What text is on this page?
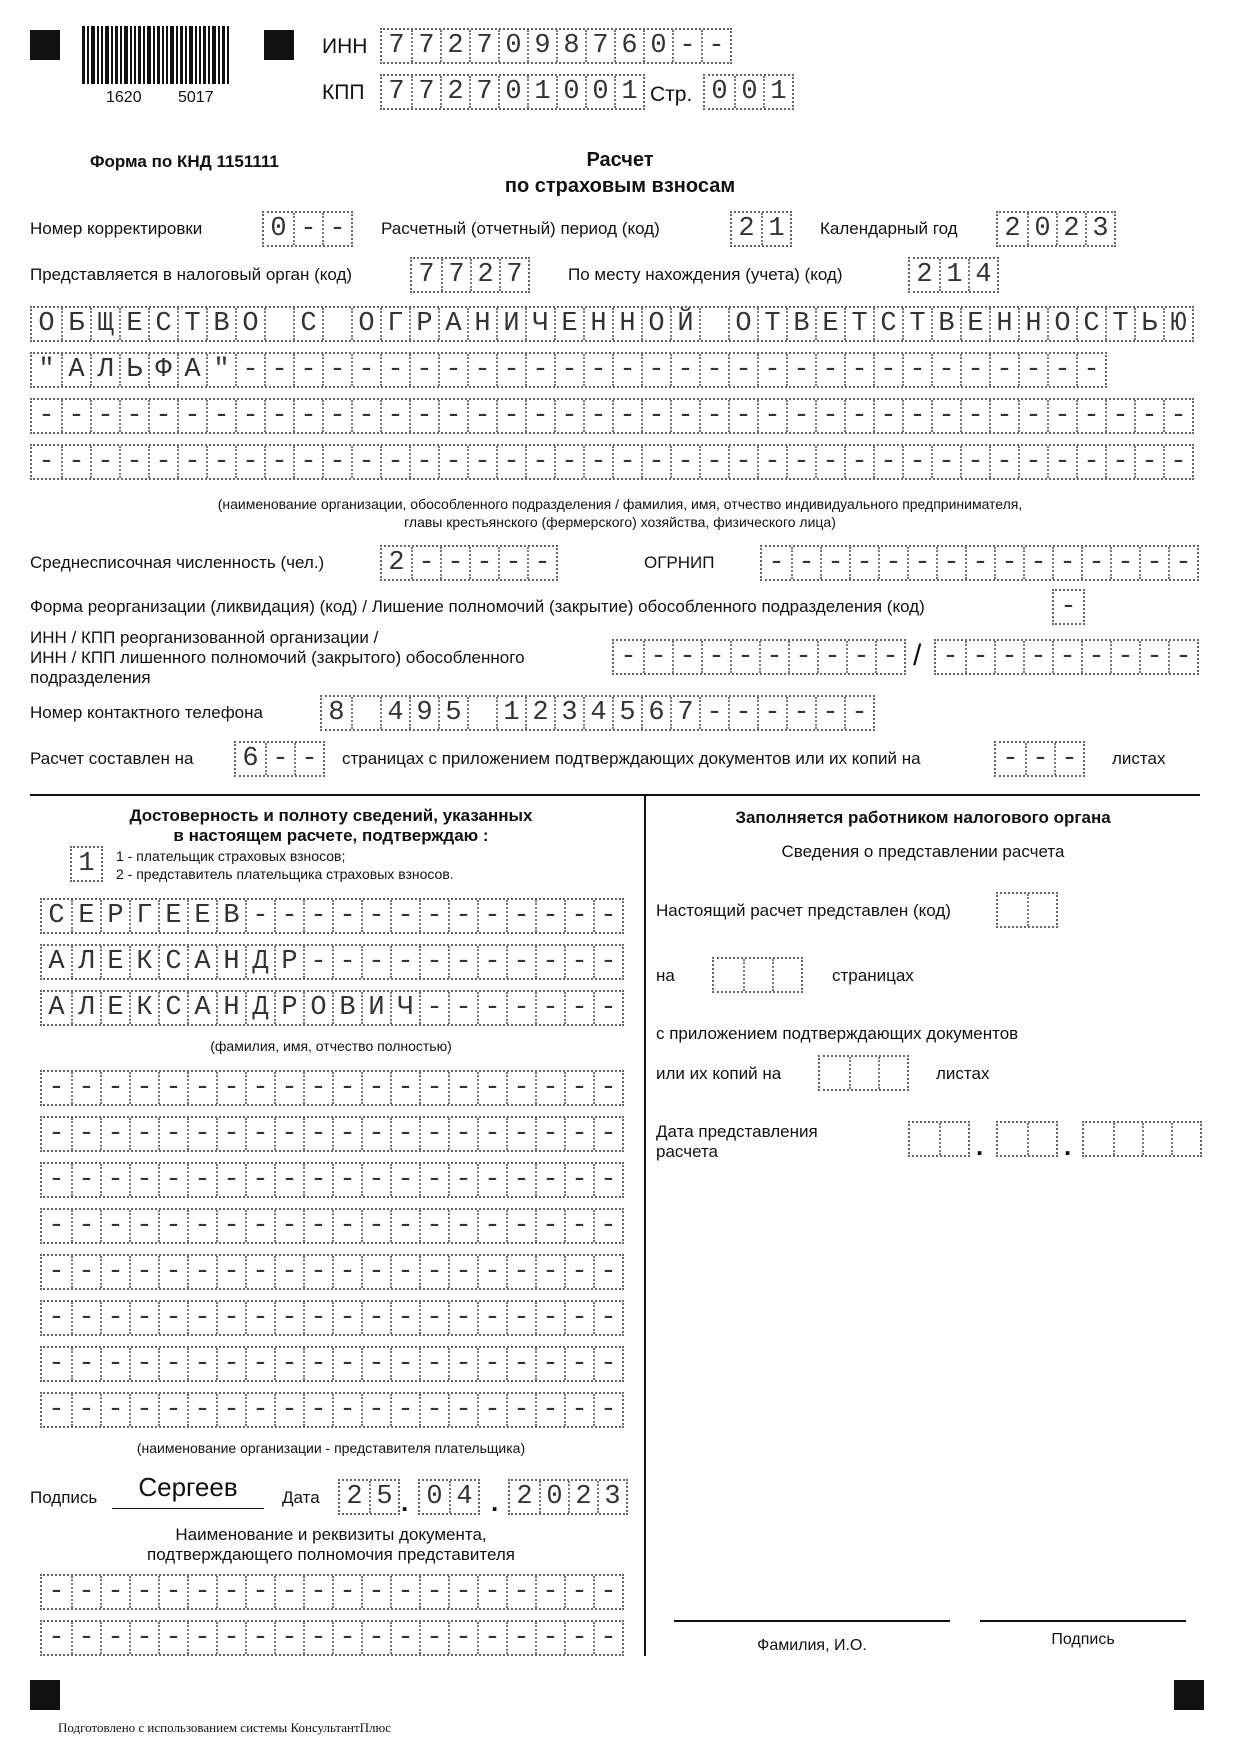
1620 5017
ИНН 7 7 2 7 0 9 8 7 6 0 - -
КПП 7 7 2 7 0 1 0 0 1 Стр. 0 0 1
Форма по КНД 1151111	Расчет
по страховым взносам
Номер корректировки	0 - -	Расчетный (отчетный) период (код)	2 1	Календарный год 2 0 2 3
Представляется в налоговый орган (код) 7 7 2 7	По месту нахождения (учета) (код)	2 1 4
О Б Щ Е С Т В О
С
О Г Р А Н И Ч Е Н Н О Й
О Т В Е Т С Т В Е Н Н О С Т Ь Ю
" А Л Ь Ф А " - - - - - - - - - - - - - - - - - - - - - - - - - - - - - -
- - - - - - - - - - - - - - - - - - - - - - - - - - - - - - - - - - - - - - - -
- - - - - - - - - - - - - - - - - - - - - - - - - - - - - - - - - - - - - - - -
(наименование организации, обособленного подразделения / фамилия, имя, отчество индивидуального предпринимателя,
главы крестьянского (фермерского) хозяйства, физического лица)
Среднесписочная численность (чел.) 2 - - - - -	ОГРНИП - - - - - - - - - - - - - - -
Форма реорганизации (ликвидация) (код) / Лишение полномочий (закрытие) обособленного подразделения (код)	-
ИНН / КПП реорганизованной организации /
ИНН / КПП лишенного полномочий (закрытого) обособленного
подразделения
- - - - - - - - - - / - - - - - - - - -
Номер контактного телефона 8
4 9 5
1 2 3 4 5 6 7 - - - - - -
Расчет составлен на 6 - -	страницах с приложением подтверждающих документов или их копий на	- - -	листах
Достоверность и полноту сведений, указанных
в настоящем расчете, подтверждаю :
1	1 - плательщик страховых взносов;
2 - представитель плательщика страховых взносов.
С Е Р Г Е Е В - - - - - - - - - - - - -
А Л Е К С А Н Д Р - - - - - - - - - - -
А Л Е К С А Н Д Р О В И Ч - - - - - - -
(фамилия, имя, отчество полностью)
- - - - - - - - - - - - - - - - - - - -
- - - - - - - - - - - - - - - - - - - -
- - - - - - - - - - - - - - - - - - - -
- - - - - - - - - - - - - - - - - - - -
- - - - - - - - - - - - - - - - - - - -
- - - - - - - - - - - - - - - - - - - -
- - - - - - - - - - - - - - - - - - - -
- - - - - - - - - - - - - - - - - - - -
(наименование организации - представителя плательщика)
Подпись	Сергеев	Дата 2 5 . 0 4 . 2 0 2 3
Наименование и реквизиты документа,
подтверждающего полномочия представителя
- - - - - - - - - - - - - - - - - - - -
- - - - - - - - - - - - - - - - - - - -
Заполняется работником налогового органа
Сведения о представлении расчета
Настоящий расчет представлен (код)

на

	страницах
с приложением подтверждающих документов
или их копий на

	листах
Дата представления
расчета

	.

	.

Фамилия, И.О.	Подпись
Подготовлено с использованием системы КонсультантПлюс
